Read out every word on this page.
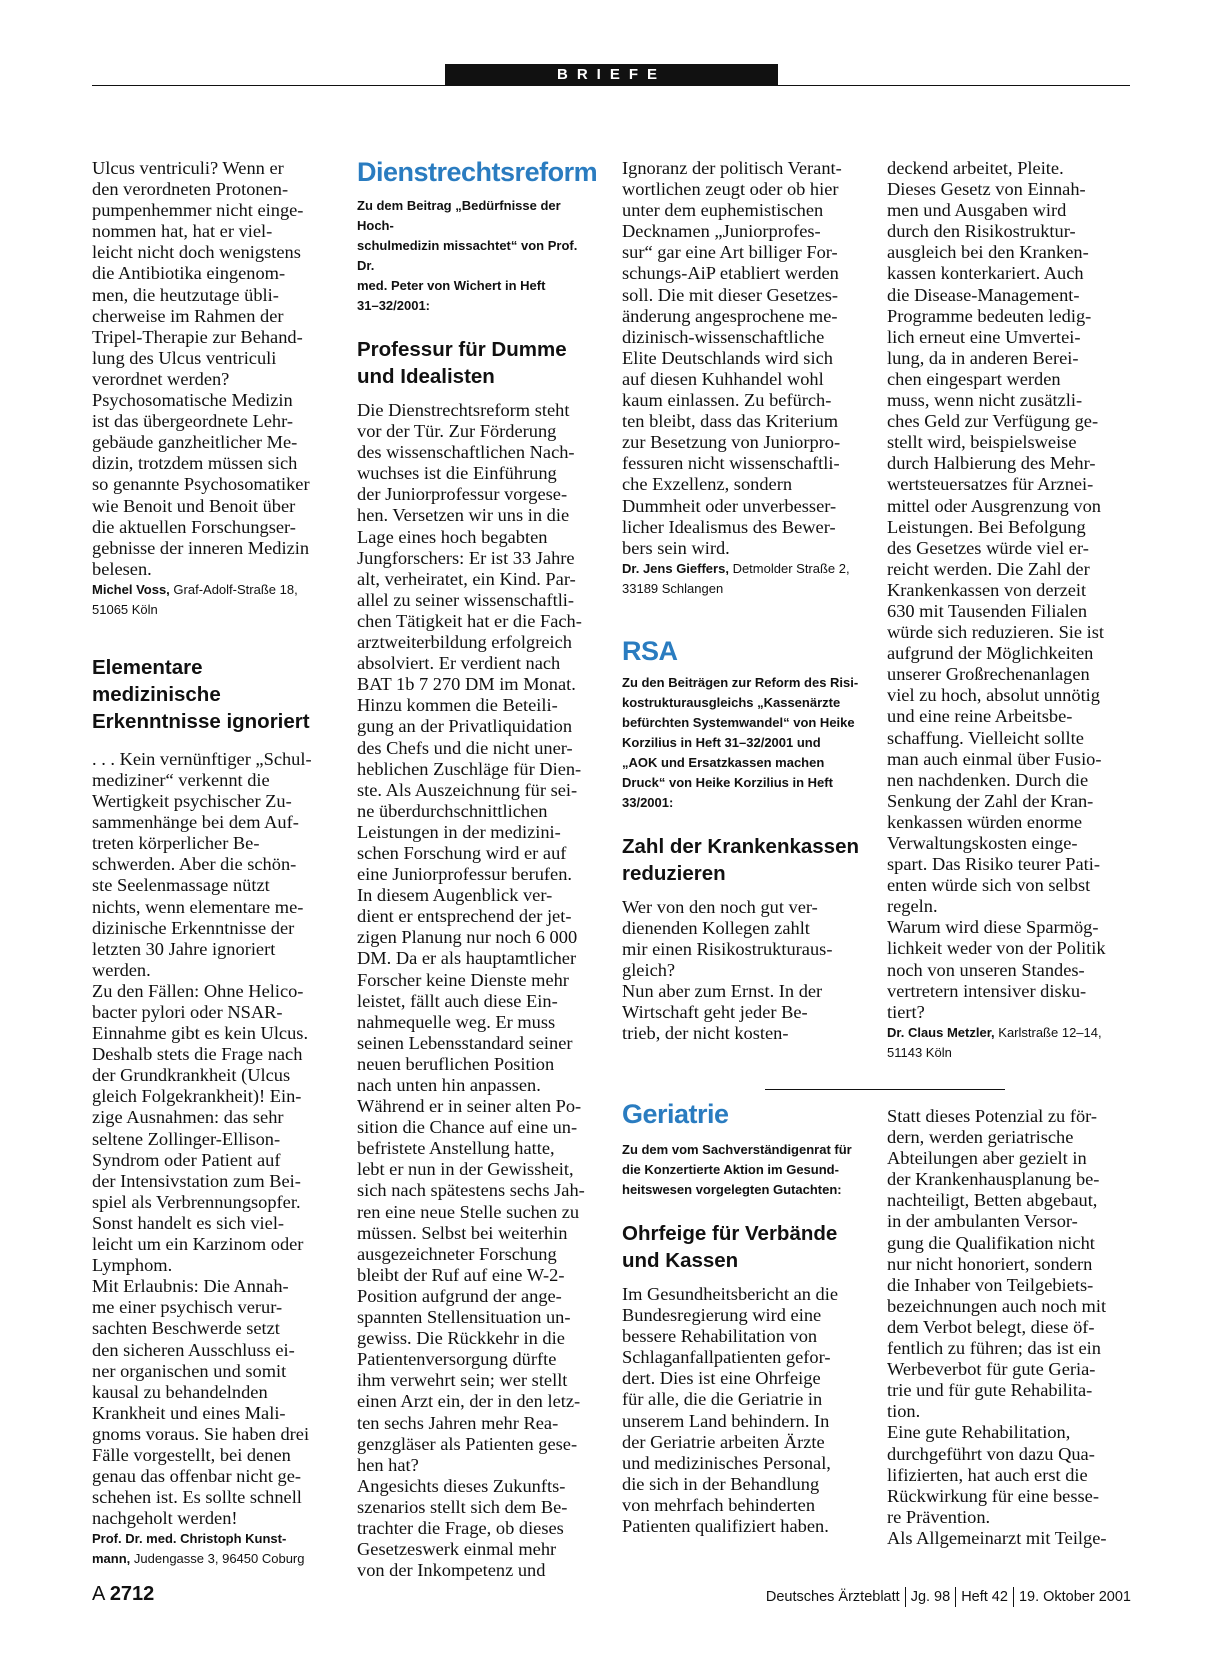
BRIEFE

Ulcus ventriculi? Wenn er
den verordneten Protonen-
pumpenhemmer nicht einge-
nommen hat, hat er viel-
leicht nicht doch wenigstens
die Antibiotika eingenom-
men, die heutzutage übli-
cherweise im Rahmen der
Tripel-Therapie zur Behand-
lung des Ulcus ventriculi
verordnet werden?
Psychosomatische Medizin
ist das übergeordnete Lehr-
gebäude ganzheitlicher Me-
dizin, trotzdem müssen sich
so genannte Psychosomatiker
wie Benoit und Benoit über
die aktuellen Forschungser-
gebnisse der inneren Medizin
belesen.

Michel Voss, Graf-Adolf-Straße 18,
51065 Köln

Elementare medizinische
Erkenntnisse ignoriert

. . . Kein vernünftiger „Schul-
mediziner“ verkennt die
Wertigkeit psychischer Zu-
sammenhänge bei dem Auf-
treten körperlicher Be-
schwerden. Aber die schön-
ste Seelenmassage nützt
nichts, wenn elementare me-
dizinische Erkenntnisse der
letzten 30 Jahre ignoriert
werden.
Zu den Fällen: Ohne Helico-
bacter pylori oder NSAR-
Einnahme gibt es kein Ulcus.
Deshalb stets die Frage nach
der Grundkrankheit (Ulcus
gleich Folgekrankheit)! Ein-
zige Ausnahmen: das sehr
seltene Zollinger-Ellison-
Syndrom oder Patient auf
der Intensivstation zum Bei-
spiel als Verbrennungsopfer.
Sonst handelt es sich viel-
leicht um ein Karzinom oder
Lymphom.
Mit Erlaubnis: Die Annah-
me einer psychisch verur-
sachten Beschwerde setzt
den sicheren Ausschluss ei-
ner organischen und somit
kausal zu behandelnden
Krankheit und eines Mali-
gnoms voraus. Sie haben drei
Fälle vorgestellt, bei denen
genau das offenbar nicht ge-
schehen ist. Es sollte schnell
nachgeholt werden!

Prof. Dr. med. Christoph Kunst-
mann, Judengasse 3, 96450 Coburg

Dienstrechtsreform

Zu dem Beitrag „Bedürfnisse der Hoch-
schulmedizin missachtet“ von Prof. Dr.
med. Peter von Wichert in Heft
31–32/2001:

Professur für Dumme
und Idealisten

Die Dienstrechtsreform steht
vor der Tür. Zur Förderung
des wissenschaftlichen Nach-
wuchses ist die Einführung
der Juniorprofessur vorgese-
hen. Versetzen wir uns in die
Lage eines hoch begabten
Jungforschers: Er ist 33 Jahre
alt, verheiratet, ein Kind. Par-
allel zu seiner wissenschaftli-
chen Tätigkeit hat er die Fach-
arztweiterbildung erfolgreich
absolviert. Er verdient nach
BAT 1b 7 270 DM im Monat.
Hinzu kommen die Beteili-
gung an der Privatliquidation
des Chefs und die nicht uner-
heblichen Zuschläge für Dien-
ste. Als Auszeichnung für sei-
ne überdurchschnittlichen
Leistungen in der medizini-
schen Forschung wird er auf
eine Juniorprofessur berufen.
In diesem Augenblick ver-
dient er entsprechend der jet-
zigen Planung nur noch 6 000
DM. Da er als hauptamtlicher
Forscher keine Dienste mehr
leistet, fällt auch diese Ein-
nahmequelle weg. Er muss
seinen Lebensstandard seiner
neuen beruflichen Position
nach unten hin anpassen.
Während er in seiner alten Po-
sition die Chance auf eine un-
befristete Anstellung hatte,
lebt er nun in der Gewissheit,
sich nach spätestens sechs Jah-
ren eine neue Stelle suchen zu
müssen. Selbst bei weiterhin
ausgezeichneter Forschung
bleibt der Ruf auf eine W-2-
Position aufgrund der ange-
spannten Stellensituation un-
gewiss. Die Rückkehr in die
Patientenversorgung dürfte
ihm verwehrt sein; wer stellt
einen Arzt ein, der in den letz-
ten sechs Jahren mehr Rea-
genzgläser als Patienten gese-
hen hat?
Angesichts dieses Zukunfts-
szenarios stellt sich dem Be-
trachter die Frage, ob dieses
Gesetzeswerk einmal mehr
von der Inkompetenz und

Ignoranz der politisch Verant-
wortlichen zeugt oder ob hier
unter dem euphemistischen
Decknamen „Juniorprofes-
sur“ gar eine Art billiger For-
schungs-AiP etabliert werden
soll. Die mit dieser Gesetzes-
änderung angesprochene me-
dizinisch-wissenschaftliche
Elite Deutschlands wird sich
auf diesen Kuhhandel wohl
kaum einlassen. Zu befürch-
ten bleibt, dass das Kriterium
zur Besetzung von Juniorpro-
fessuren nicht wissenschaftli-
che Exzellenz, sondern
Dummheit oder unverbesser-
licher Idealismus des Bewer-
bers sein wird.

Dr. Jens Gieffers, Detmolder Straße 2,
33189 Schlangen

RSA

Zu den Beiträgen zur Reform des Risi-
kostrukturausgleichs „Kassenärzte
befürchten Systemwandel“ von Heike
Korzilius in Heft 31–32/2001 und
„AOK und Ersatzkassen machen
Druck“ von Heike Korzilius in Heft
33/2001:

Zahl der Krankenkassen
reduzieren

Wer von den noch gut ver-
dienenden Kollegen zahlt
mir einen Risikostrukturaus-
gleich?
Nun aber zum Ernst. In der
Wirtschaft geht jeder Be-
trieb, der nicht kosten-

deckend arbeitet, Pleite.
Dieses Gesetz von Einnah-
men und Ausgaben wird
durch den Risikostruktur-
ausgleich bei den Kranken-
kassen konterkariert. Auch
die Disease-Management-
Programme bedeuten ledig-
lich erneut eine Umvertei-
lung, da in anderen Berei-
chen eingespart werden
muss, wenn nicht zusätzli-
ches Geld zur Verfügung ge-
stellt wird, beispielsweise
durch Halbierung des Mehr-
wertsteuersatzes für Arznei-
mittel oder Ausgrenzung von
Leistungen. Bei Befolgung
des Gesetzes würde viel er-
reicht werden. Die Zahl der
Krankenkassen von derzeit
630 mit Tausenden Filialen
würde sich reduzieren. Sie ist
aufgrund der Möglichkeiten
unserer Großrechenanlagen
viel zu hoch, absolut unnötig
und eine reine Arbeitsbe-
schaffung. Vielleicht sollte
man auch einmal über Fusio-
nen nachdenken. Durch die
Senkung der Zahl der Kran-
kenkassen würden enorme
Verwaltungskosten einge-
spart. Das Risiko teurer Pati-
enten würde sich von selbst
regeln.
Warum wird diese Sparmög-
lichkeit weder von der Politik
noch von unseren Standes-
vertretern intensiver disku-
tiert?

Dr. Claus Metzler, Karlstraße 12–14,
51143 Köln

Geriatrie

Zu dem vom Sachverständigenrat für
die Konzertierte Aktion im Gesund-
heitswesen vorgelegten Gutachten:

Ohrfeige für Verbände
und Kassen

Im Gesundheitsbericht an die
Bundesregierung wird eine
bessere Rehabilitation von
Schlaganfallpatienten gefor-
dert. Dies ist eine Ohrfeige
für alle, die die Geriatrie in
unserem Land behindern. In
der Geriatrie arbeiten Ärzte
und medizinisches Personal,
die sich in der Behandlung
von mehrfach behinderten
Patienten qualifiziert haben.

Statt dieses Potenzial zu för-
dern, werden geriatrische
Abteilungen aber gezielt in
der Krankenhausplanung be-
nachteiligt, Betten abgebaut,
in der ambulanten Versor-
gung die Qualifikation nicht
nur nicht honoriert, sondern
die Inhaber von Teilgebiets-
bezeichnungen auch noch mit
dem Verbot belegt, diese öf-
fentlich zu führen; das ist ein
Werbeverbot für gute Geria-
trie und für gute Rehabilita-
tion.
Eine gute Rehabilitation,
durchgeführt von dazu Qua-
lifizierten, hat auch erst die
Rückwirkung für eine besse-
re Prävention.
Als Allgemeinarzt mit Teilge-

A 2712	Deutsches Ärzteblatt Jg. 98 Heft 42 19. Oktober 2001
